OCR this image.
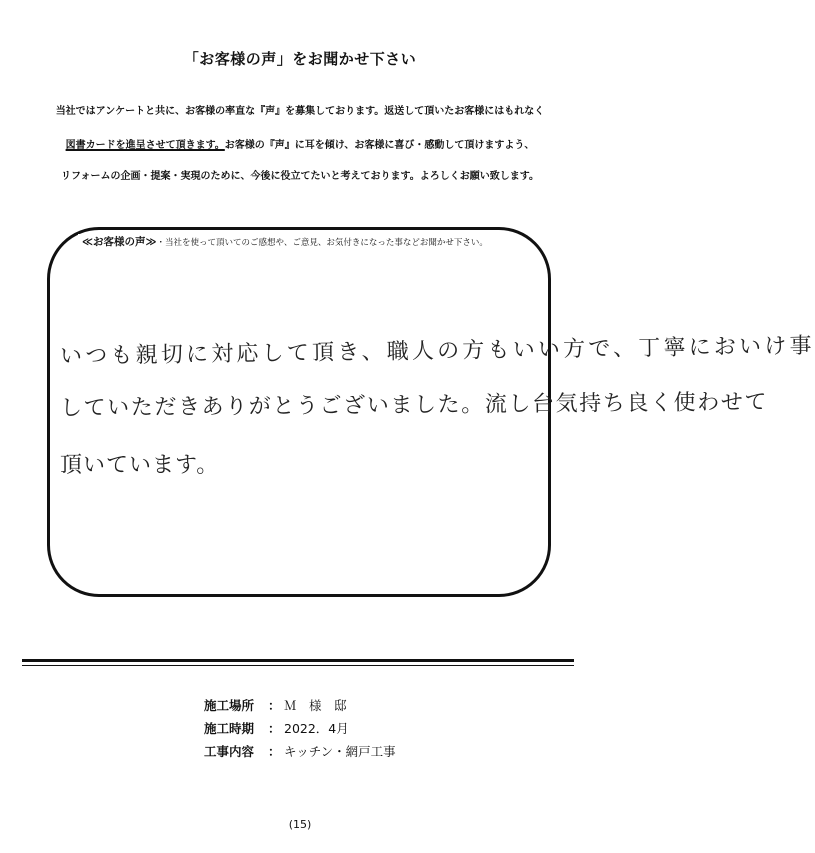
「お客様の声」をお聞かせ下さい
当社ではアンケートと共に、お客様の率直な『声』を募集しております。返送して頂いたお客様にはもれなく
図書カードを進呈させて頂きます。お客様の『声』に耳を傾け、お客様に喜び・感動して頂けますよう、
リフォームの企画・提案・実現のために、今後に役立てたいと考えております。よろしくお願い致します。
≪お客様の声≫・当社を使って頂いてのご感想や、ご意見、お気付きになった事などお聞かせ下さい。
いつも親切に対応して頂き、職人の方もいい方で、丁寧においけ事
していただきありがとうございました。流し台気持ち良く使わせて
頂いています。
施工場所 ： Ｍ　様　邸
施工時期 ： 2022．4月
工事内容 ： キッチン・網戸工事
(15)
